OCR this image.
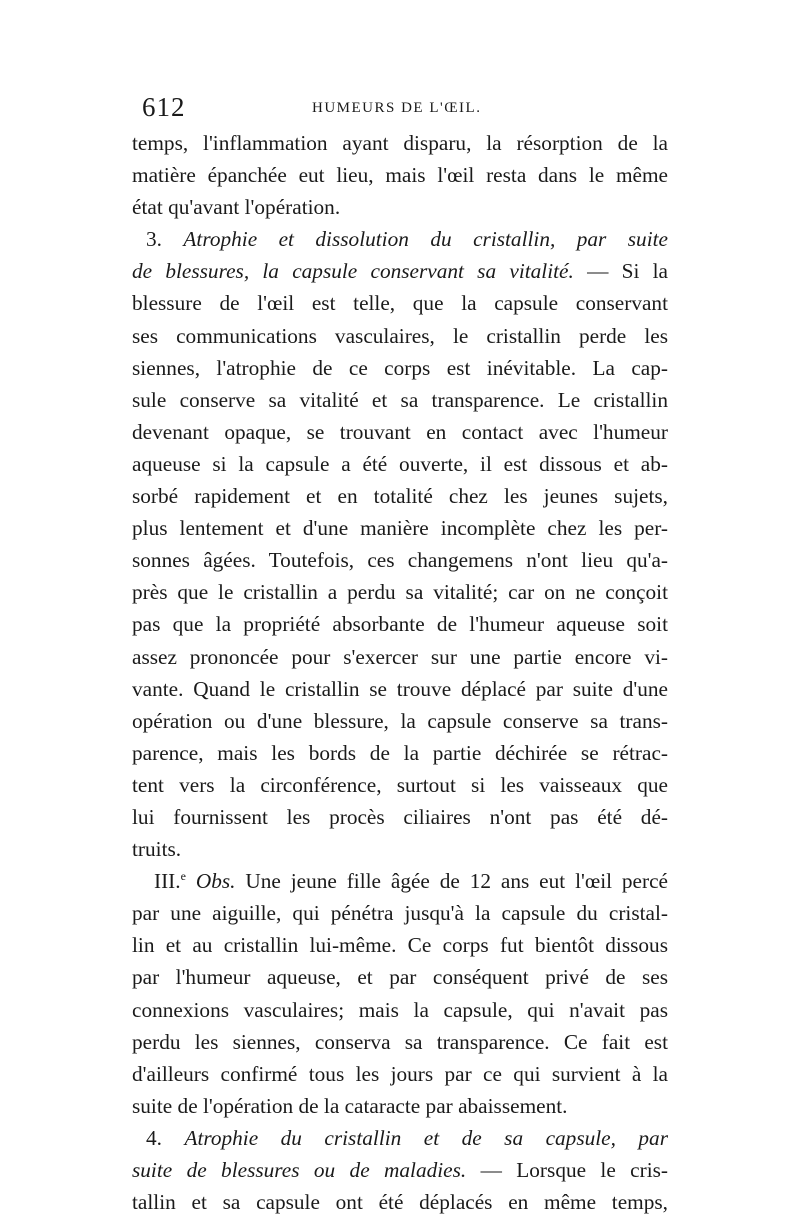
612	HUMEURS DE L'ŒIL.
temps, l'inflammation ayant disparu, la résorption de la
matière épanchée eut lieu, mais l'œil resta dans le même
état qu'avant l'opération.
3. Atrophie et dissolution du cristallin, par suite
de blessures, la capsule conservant sa vitalité. — Si la
blessure de l'œil est telle, que la capsule conservant
ses communications vasculaires, le cristallin perde les
siennes, l'atrophie de ce corps est inévitable. La cap-
sule conserve sa vitalité et sa transparence. Le cristallin
devenant opaque, se trouvant en contact avec l'humeur
aqueuse si la capsule a été ouverte, il est dissous et ab-
sorbé rapidement et en totalité chez les jeunes sujets,
plus lentement et d'une manière incomplète chez les per-
sonnes âgées. Toutefois, ces changemens n'ont lieu qu'a-
près que le cristallin a perdu sa vitalité; car on ne conçoit
pas que la propriété absorbante de l'humeur aqueuse soit
assez prononcée pour s'exercer sur une partie encore vi-
vante. Quand le cristallin se trouve déplacé par suite d'une
opération ou d'une blessure, la capsule conserve sa trans-
parence, mais les bords de la partie déchirée se rétrac-
tent vers la circonférence, surtout si les vaisseaux que
lui fournissent les procès ciliaires n'ont pas été dé-
truits.
III.$^e$ Obs. Une jeune fille âgée de 12 ans eut l'œil percé
par une aiguille, qui pénétra jusqu'à la capsule du cristal-
lin et au cristallin lui-même. Ce corps fut bientôt dissous
par l'humeur aqueuse, et par conséquent privé de ses
connexions vasculaires; mais la capsule, qui n'avait pas
perdu les siennes, conserva sa transparence. Ce fait est
d'ailleurs confirmé tous les jours par ce qui survient à la
suite de l'opération de la cataracte par abaissement.
4. Atrophie du cristallin et de sa capsule, par
suite de blessures ou de maladies. — Lorsque le cris-
tallin et sa capsule ont été déplacés en même temps,
